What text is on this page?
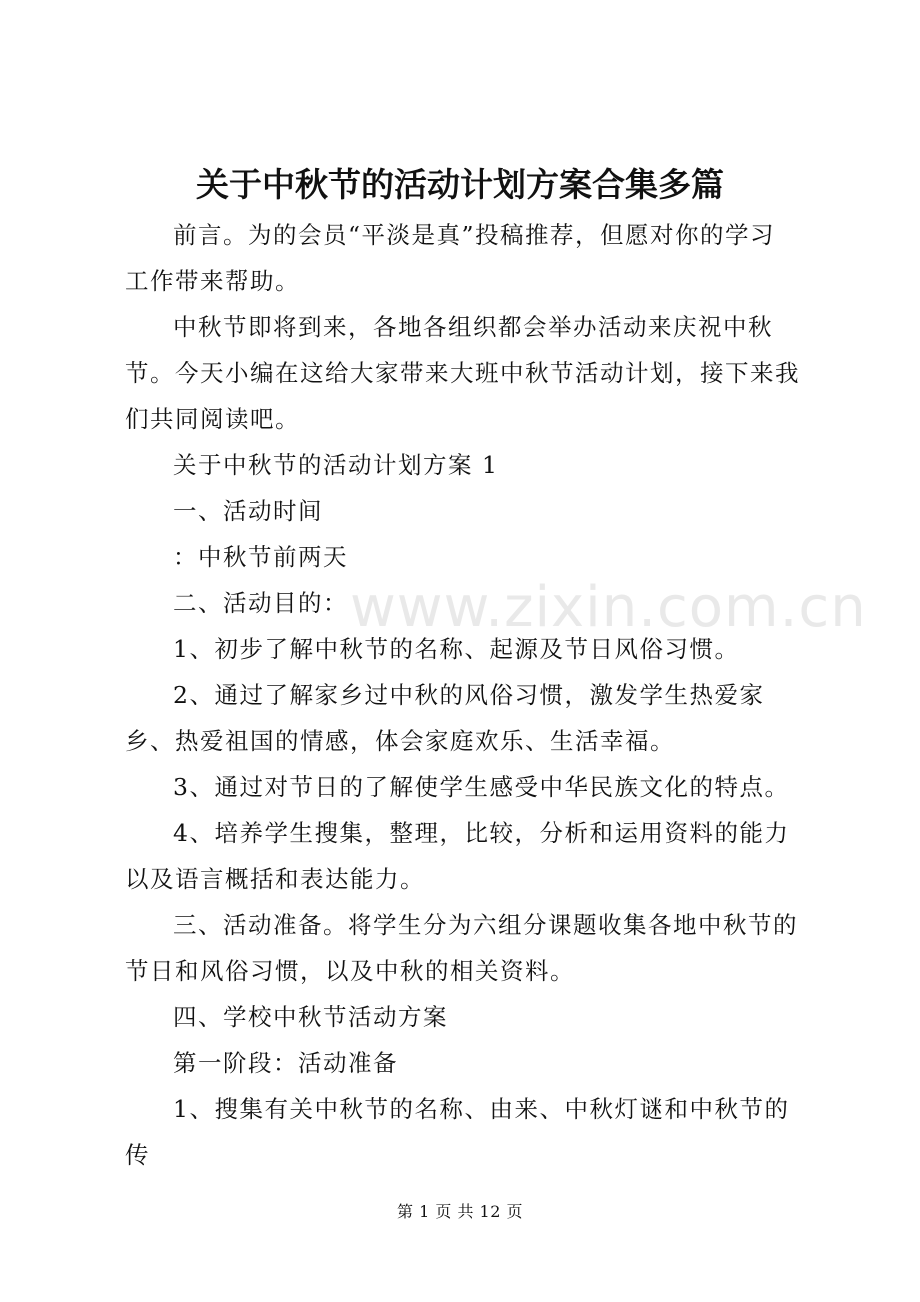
www.zixin.com.cn
关于中秋节的活动计划方案合集多篇

前言。为的会员“平淡是真”投稿推荐，但愿对你的学习工作带来帮助。

中秋节即将到来，各地各组织都会举办活动来庆祝中秋节。今天小编在这给大家带来大班中秋节活动计划，接下来我们共同阅读吧。

关于中秋节的活动计划方案 1

一、活动时间

：中秋节前两天

二、活动目的：

1、初步了解中秋节的名称、起源及节日风俗习惯。

2、通过了解家乡过中秋的风俗习惯，激发学生热爱家乡、热爱祖国的情感，体会家庭欢乐、生活幸福。

3、通过对节日的了解使学生感受中华民族文化的特点。

4、培养学生搜集，整理，比较，分析和运用资料的能力以及语言概括和表达能力。

三、活动准备。将学生分为六组分课题收集各地中秋节的节日和风俗习惯，以及中秋的相关资料。

四、学校中秋节活动方案

第一阶段：活动准备

1、搜集有关中秋节的名称、由来、中秋灯谜和中秋节的传

第 1 页 共 12 页
